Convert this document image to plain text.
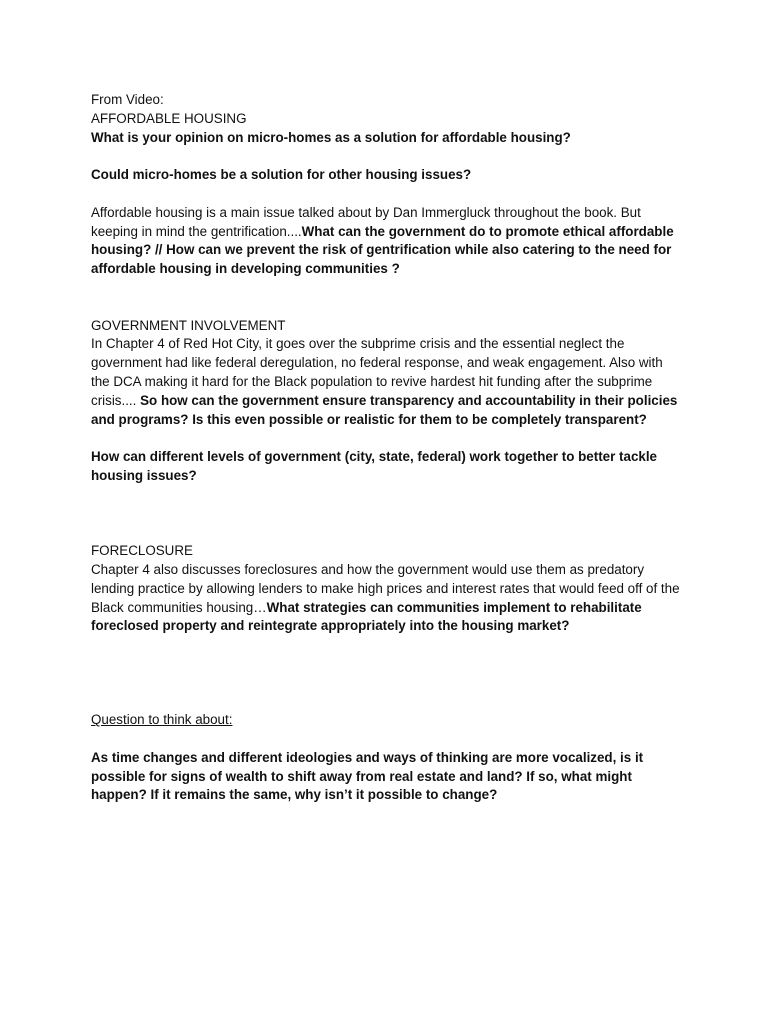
From Video:

AFFORDABLE HOUSING

What is your opinion on micro-homes as a solution for affordable housing?

Could micro-homes be a solution for other housing issues?

Affordable housing is a main issue talked about by Dan Immergluck throughout the book. But keeping in mind the gentrification....What can the government do to promote ethical affordable housing? // How can we prevent the risk of gentrification while also catering to the need for affordable housing in developing communities ?

GOVERNMENT INVOLVEMENT

In Chapter 4 of Red Hot City, it goes over the subprime crisis and the essential neglect the government had like federal deregulation, no federal response, and weak engagement. Also with the DCA making it hard for the Black population to revive hardest hit funding after the subprime crisis.... So how can the government ensure transparency and accountability in their policies and programs? Is this even possible or realistic for them to be completely transparent?

How can different levels of government (city, state, federal) work together to better tackle housing issues?

FORECLOSURE

Chapter 4 also discusses foreclosures and how the government would use them as predatory lending practice by allowing lenders to make high prices and interest rates that would feed off of the Black communities housing…What strategies can communities implement to rehabilitate foreclosed property and reintegrate appropriately into the housing market?

Question to think about:

As time changes and different ideologies and ways of thinking are more vocalized, is it possible for signs of wealth to shift away from real estate and land? If so, what might happen? If it remains the same, why isn’t it possible to change?
